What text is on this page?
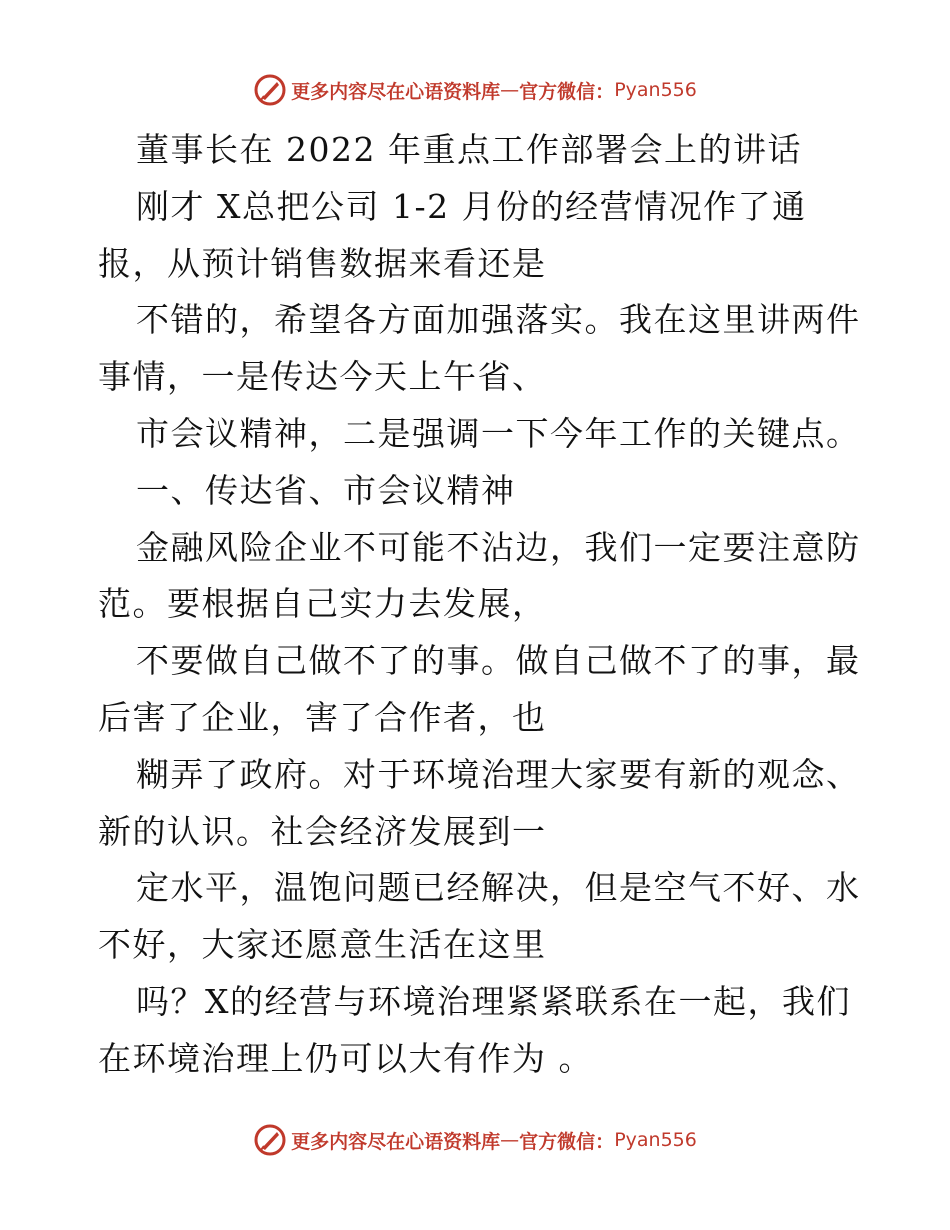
更多内容尽在心语资料库 — 官方微信： Pyan556
董事长在 2022 年重点工作部署会上的讲话
刚才 X总把公司 1-2 月份的经营情况作了通
报，从预计销售数据来看还是
不错的，希望各方面加强落实。我在这里讲两件
事情，一是传达今天上午省、
市会议精神，二是强调一下今年工作的关键点。
一、传达省、市会议精神
金融风险企业不可能不沾边，我们一定要注意防
范。要根据自己实力去发展，
不要做自己做不了的事。做自己做不了的事，最
后害了企业，害了合作者，也
糊弄了政府。对于环境治理大家要有新的观念、
新的认识。社会经济发展到一
定水平，温饱问题已经解决，但是空气不好、水
不好，大家还愿意生活在这里
吗？X的经营与环境治理紧紧联系在一起，我们
在环境治理上仍可以大有作为 。
更多内容尽在心语资料库 — 官方微信： Pyan556
